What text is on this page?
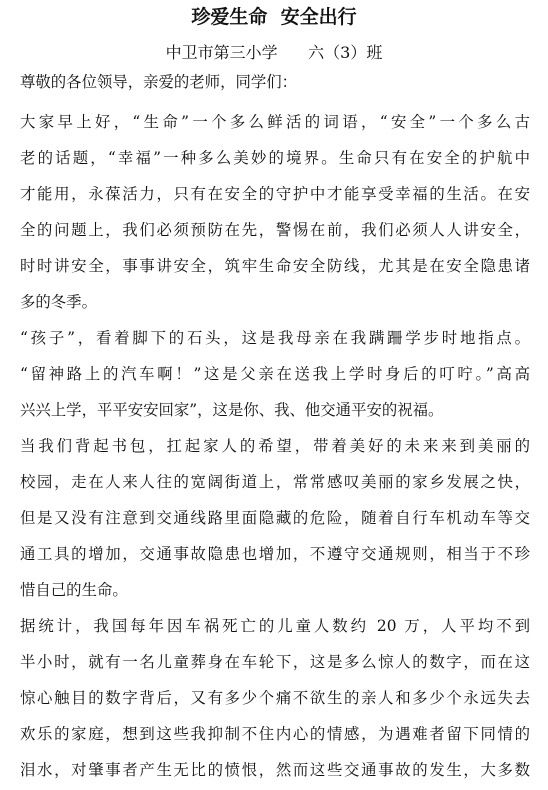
珍爱生命  安全出行
中卫市第三小学      六（3）班
尊敬的各位领导，亲爱的老师，同学们：
大家早上好，“生命”一个多么鲜活的词语，“安全”一个多么古
老的话题，“幸福”一种多么美妙的境界。生命只有在安全的护航中
才能用，永葆活力，只有在安全的守护中才能享受幸福的生活。在安
全的问题上，我们必须预防在先，警惕在前，我们必须人人讲安全，
时时讲安全，事事讲安全，筑牢生命安全防线，尤其是在安全隐患诸
多的冬季。
“孩子”，看着脚下的石头，这是我母亲在我蹒跚学步时地指点。
“留神路上的汽车啊！”这是父亲在送我上学时身后的叮咛。”高高
兴兴上学，平平安安回家”，这是你、我、他交通平安的祝福。
当我们背起书包，扛起家人的希望，带着美好的未来来到美丽的
校园，走在人来人往的宽阔街道上，常常感叹美丽的家乡发展之快，
但是又没有注意到交通线路里面隐藏的危险，随着自行车机动车等交
通工具的增加，交通事故隐患也增加，不遵守交通规则，相当于不珍
惜自己的生命。
据统计，我国每年因车祸死亡的儿童人数约 20 万，人平均不到
半小时，就有一名儿童葬身在车轮下，这是多么惊人的数字，而在这
惊心触目的数字背后，又有多少个痛不欲生的亲人和多少个永远失去
欢乐的家庭，想到这些我抑制不住内心的情感，为遇难者留下同情的
泪水，对肇事者产生无比的愤恨，然而这些交通事故的发生，大多数
